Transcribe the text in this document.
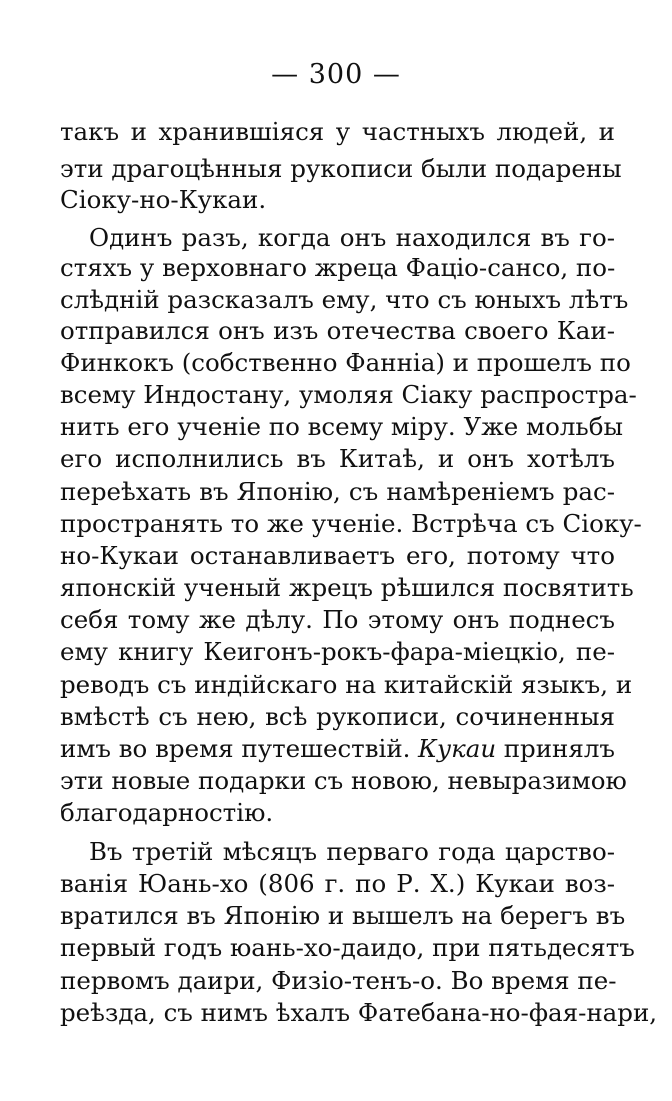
— 300 —
такъ и хранившіяся у частныхъ людей, и
эти драгоцѣнныя рукописи были подарены
Сіоку-но-Кукаи.
Одинъ разъ, когда онъ находился въ го-
стяхъ у верховнаго жреца Фаціо-сансо, по-
слѣдній разсказалъ ему, что съ юныхъ лѣтъ
отправился онъ изъ отечества своего Каи-
Финкокъ (собственно Фанніа) и прошелъ по
всему Индостану, умоляя Сіаку распростра-
нить его ученіе по всему міру. Уже мольбы
его исполнились въ Китаѣ, и онъ хотѣлъ
переѣхать въ Японію, съ намѣреніемъ рас-
пространять то же ученіе. Встрѣча съ Сіоку-
но-Кукаи останавливаетъ его, потому что
японскій ученый жрецъ рѣшился посвятить
себя тому же дѣлу. По этому онъ поднесъ
ему книгу Кеигонъ-рокъ-фара-міецкіо, пе-
реводъ съ индійскаго на китайскій языкъ, и
вмѣстѣ съ нею, всѣ рукописи, сочиненныя
имъ во время путешествій. Кукаи принялъ
эти новые подарки съ новою, невыразимою
благодарностію.
Въ третій мѣсяцъ перваго года царство-
ванія Юань-хо (806 г. по Р. Х.) Кукаи воз-
вратился въ Японію и вышелъ на берегъ въ
первый годъ юань-хо-даидо, при пятьдесятъ
первомъ даири, Физіо-тенъ-о. Во время пе-
реѣзда, съ нимъ ѣхалъ Фатебана-но-фая-нари,
